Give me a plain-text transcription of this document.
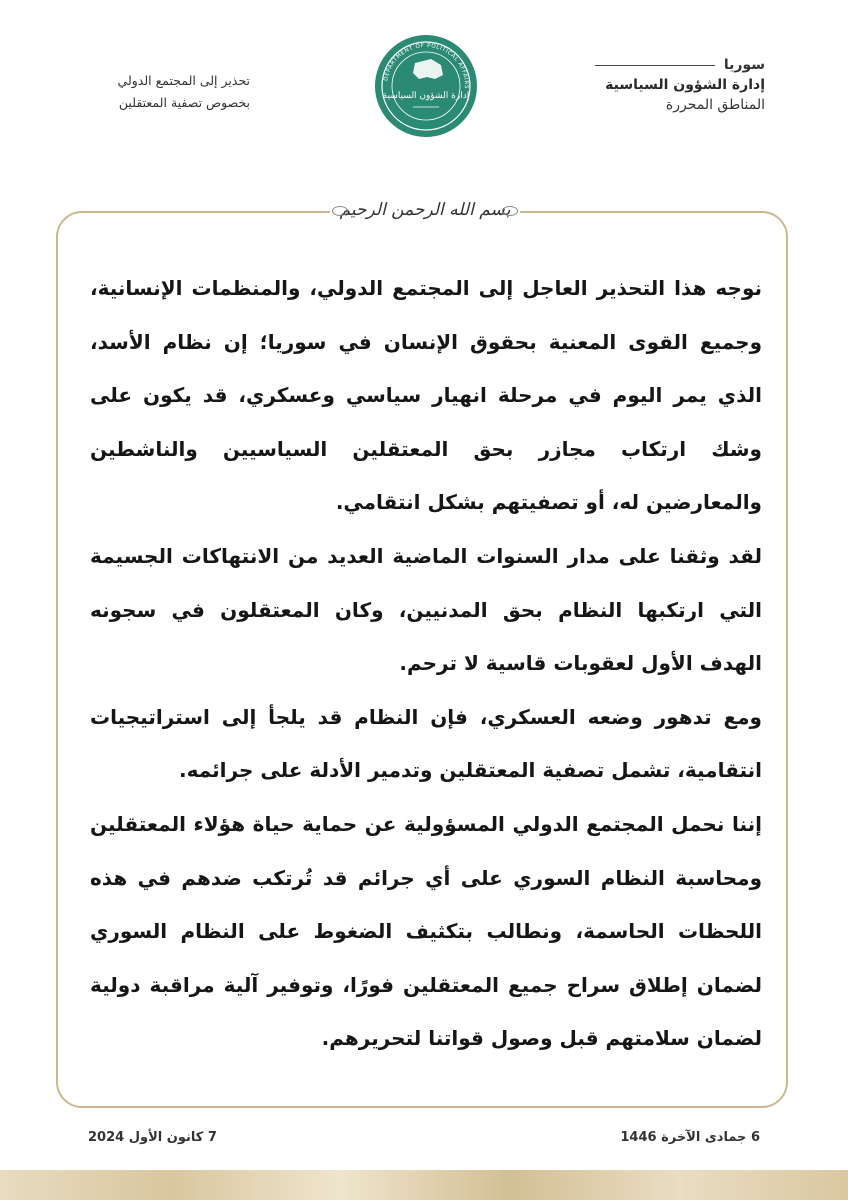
سوريا
إدارة الشؤون السياسية
المناطق المحررة
DEPARTMENT OF POLITICAL AFFAIRS
إدارة الشؤون السياسية
تحذير إلى المجتمع الدولي
بخصوص تصفية المعتقلين
بسم الله الرحمن الرحيم

نوجه هذا التحذير العاجل إلى المجتمع الدولي، والمنظمات الإنسانية، وجميع القوى المعنية بحقوق الإنسان في سوريا؛ إن نظام الأسد، الذي يمر اليوم في مرحلة انهيار سياسي وعسكري، قد يكون على وشك ارتكاب مجازر بحق المعتقلين السياسيين والناشطين والمعارضين له، أو تصفيتهم بشكل انتقامي.

لقد وثقنا على مدار السنوات الماضية العديد من الانتهاكات الجسيمة التي ارتكبها النظام بحق المدنيين، وكان المعتقلون في سجونه الهدف الأول لعقوبات قاسية لا ترحم.

ومع تدهور وضعه العسكري، فإن النظام قد يلجأ إلى استراتيجيات انتقامية، تشمل تصفية المعتقلين وتدمير الأدلة على جرائمه.

إننا نحمل المجتمع الدولي المسؤولية عن حماية حياة هؤلاء المعتقلين ومحاسبة النظام السوري على أي جرائم قد تُرتكب ضدهم في هذه اللحظات الحاسمة، ونطالب بتكثيف الضغوط على النظام السوري لضمان إطلاق سراح جميع المعتقلين فورًا، وتوفير آلية مراقبة دولية لضمان سلامتهم قبل وصول قواتنا لتحريرهم.

6 جمادى الآخرة 1446
7 كانون الأول 2024
